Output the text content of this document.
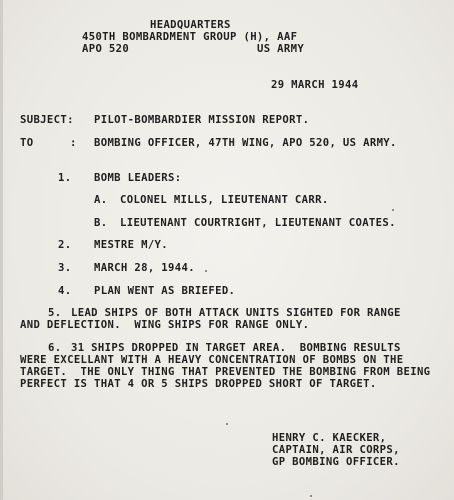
HEADQUARTERS
450TH BOMBARDMENT GROUP (H), AAF
APO 520	US ARMY
29 MARCH 1944
SUBJECT: PILOT-BOMBARDIER MISSION REPORT.
TO	: BOMBING OFFICER, 47TH WING, APO 520, US ARMY.
1. BOMB LEADERS:
A. COLONEL MILLS, LIEUTENANT CARR.
B. LIEUTENANT COURTRIGHT, LIEUTENANT COATES.
2. MESTRE M/Y.
3. MARCH 28, 1944.
4. PLAN WENT AS BRIEFED.
5. LEAD SHIPS OF BOTH ATTACK UNITS SIGHTED FOR RANGE
AND DEFLECTION.  WING SHIPS FOR RANGE ONLY.
6. 31 SHIPS DROPPED IN TARGET AREA.  BOMBING RESULTS
WERE EXCELLANT WITH A HEAVY CONCENTRATION OF BOMBS ON THE
TARGET.  THE ONLY THING THAT PREVENTED THE BOMBING FROM BEING
PERFECT IS THAT 4 OR 5 SHIPS DROPPED SHORT OF TARGET.
HENRY C. KAECKER,
CAPTAIN, AIR CORPS,
GP BOMBING OFFICER.
